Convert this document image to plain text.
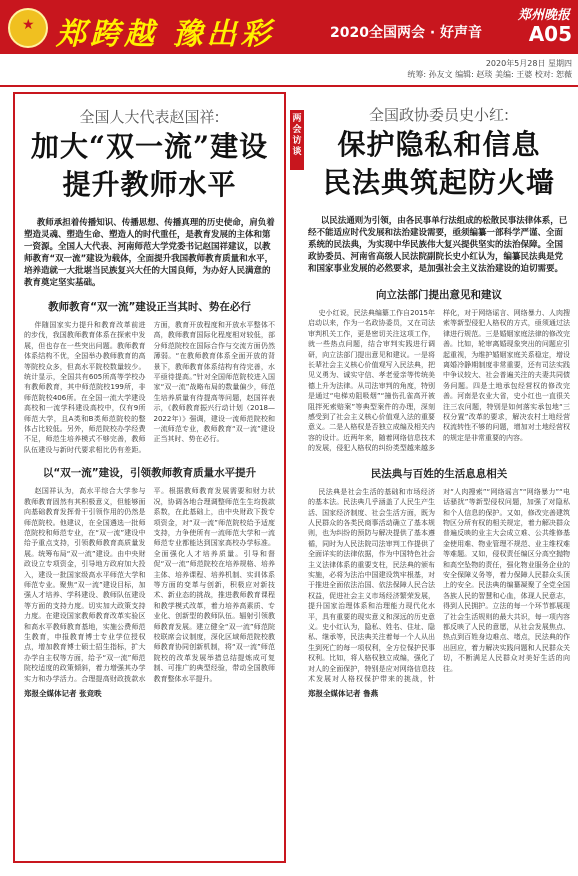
★ 郑跨越 豫出彩	2020全国两会 · 好声音
郑州晚报
A05
2020年5月28日 星期四
统筹: 孙友文 编辑: 赵琰 美编: 王婆 校对: 恕薇
全国人大代表赵国祥:
加大“双一流”建设
提升教师水平

教师承担着传播知识、传播思想、传播真理的历史使命，肩负着塑造灵魂、塑造生命、塑造人的时代重任，是教育发展的主体和第一资源。全国人大代表、河南师范大学党委书记赵国祥建议，以教师教育“双一流”建设为载体，全面提升我国教师教育质量和水平，培养造就一大批堪当民族复兴大任的大国良师，为办好人民满意的教育奠定坚实基础。

教师教育“双一流”建设正当其时、势在必行
伴随国家实力提升和教育改革前进的步伐，我国教师教育体系在探索中发展，但也存在一些突出问题。教师教育体系结构不优，全国举办教师教育的高等院校众多，但高水平院校数量较少。统计显示，全国共有605所高等学校办有教师教育，其中师范院校199所，非师范院校406所。在全国一流大学建设高校和一流学科建设高校中，仅有9所师范大学，且A类和B类师范院校的整体占比较低。另外，师范院校办学经费不足，师范生培养模式不够完善，教师队伍建设与新时代要求相比仍有差距。方面，教育开放程度和开放水平整体不高，教师教育国际化程度相对较低，部分师范院校在国际合作与交流方面仍然薄弱。“在教师教育体系全面开放的背景下，教师教育体系结构有待完善，水平亟待提高。”针对全国师范院校进入国家“双一流”战略布局的数量偏少，师范生培养质量有待提高等问题，赵国祥表示，《教师教育振兴行动计划（2018—2022年）》强调，建设一流师范院校和一流师范专业，教师教育“双一流”建设正当其时、势在必行。
以“双一流”建设，引领教师教育质量水平提升
赵国祥认为，高水平综合大学参与教师教育固然有其积极意义，但能够面向基础教育发挥骨干引领作用的仍然是师范院校。他建议，在全国遴选一批师范院校和师范专业，在“双一流”建设中给予重点支持，引领教师教育高质量发展。统筹布局“双一流”建设。由中央财政设立专项资金，引导地方政府加大投入，建设一批国家级高水平师范大学和师范专业。聚焦“双一流”建设目标，加强人才培养、学科建设、教师队伍建设等方面的支持力度。切实加大政策支持力度。在建设国家教师教育改革实验区和高水平教师教育基地，实施公费师范生教育，申报教育博士专业学位授权点，增加教育博士硕士招生指标，扩大办学自主权等方面，给予“双一流”师范院校适度的政策倾斜，着力增强其办学实力和办学活力。合理提高财政拨款水平。根据教师教育发展需要和财力状况，协调各地合理调整师范生生均拨款系数，在此基础上，由中央财政下拨专项资金，对“双一流”师范院校给予适度支持，力争使所有一流师范大学和一流师范专业都能达到国家高校办学标准。全面强化人才培养质量。引导和督促“双一流”师范院校在培养规格、培养主体、培养课程、培养机制、实训体系等方面的变革与创新，积极应对新技术、新业态的挑战，推进教师教育课程和教学模式改革，着力培养高素质、专业化、创新型的教师队伍。辐射引领教师教育发展。建立健全“双一流”师范院校联席会议制度，深化区域师范院校教师教育协同创新机制，将“双一流”师范院校的改革发展举措总结提炼成可复制、可推广的典型经验，带动全国教师教育整体水平提升。
郑报全媒体记者 张竞昳
两会访谈
全国政协委员史小红:
保护隐私和信息
民法典筑起防火墙

以民法通则为引领，由各民事单行法组成的松散民事法律体系，已经不能适应时代发展和法治建设需要，亟须编纂一部科学严谨、全面系统的民法典，为实现中华民族伟大复兴提供坚实的法治保障。全国政协委员、河南省高级人民法院副院长史小红认为，编纂民法典是党和国家事业发展的必然要求，是加强社会主义法治建设的迫切需要。

向立法部门提出意见和建议
史小红说，民法典编纂工作自2015年启动以来，作为一名政协委员，又在司法审判机关工作，更是密切关注这项工作，就一些热点问题，结合审判实践进行调研，向立法部门提出意见和建议。一是将长辈社会主义核心价值观写入民法典，把见义勇为、诚实守信、孝老爱亲等传统美德上升为法律。从司法审判的角度，特别是通过“电梯劝阻吸烟”“撞伤孔雀高开被阻拌死索赔案”等典型案件的办理，深刻感受到了社会主义核心价值观入法的重要意义。二是人格权是否独立成编及相关内容的设计。近两年来，随着网络信息技术的发展，侵犯人格权的纠纷类型越来越多样化，对于网络谣言、网络暴力、人肉搜索等新型侵犯人格权的方式，亟须通过法律进行规范。三是婚姻家庭法律的修改完善。比如，轮审离婚现象突出的问题应引起重视，为维护婚姻家庭关系稳定，增设离婚冷静期制度非常重要，还有司法实践中争议较大、社会普遍关注的夫妻共同债务问题。四是土地承包经营权的修改完善。河南是农业大省，史小红也一直很关注三农问题，特别是如何落实承包地“三权分置”改革的要求，解决农村土地经营权流转性不够的问题，增加对土地经营权的规定是非常重要的内容。
民法典与百姓的生活息息相关
民法典是社会生活的基础和市场经济的基本法。民法典几乎涵盖了人民生产生活、国家经济制度、社会生活方面，既为人民群众的各类民商事活动确立了基本规则，也为纠纷的预防与解决提供了基本遵循，同时为人民法院司法审判工作提供了全面详实的法律依据，作为中国特色社会主义法律体系的重要支柱，民法典的颁布实施，必将为法治中国建设筑牢根基，对于推进全面依法治国、依法保障人民合法权益，促进社会主义市场经济繁荣发展，提升国家治理体系和治理能力现代化水平，具有重要的现实意义和深远的历史意义。史小红认为，隐私、姓名、住址、隐私、继承等，民法典关注着每一个人从出生到死亡的每一项权利，全方位保护民事权利。比如，将人格权独立成编，强化了对人的全面保护，特别是应对网络信息技术发展对人格权保护带来的挑战，针对“人肉搜索”“网络谣言”“网络暴力”“电话骚扰”等新型侵权问题，加强了对隐私和个人信息的保护。又如，修改完善建筑物区分所有权的相关规定，着力解决群众普遍反映的业主大会成立难、公共维修基金使用难、物业管理不规范、业主维权难等难题。又如，侵权责任编区分高空抛物和高空坠物的责任，强化物业服务企业的安全保障义务等，着力保障人民群众头顶上的安全。民法典的编纂凝聚了全党全国各族人民的智慧和心血，体现人民意志，得到人民拥护。立法的每一个环节都展现了社会生活规则的最大共识，每一项内容都反映了人民的意愿，从社会发展焦点、热点到百姓身边难点、堵点，民法典的作出回应，着力解决实践问题和人民群众关切，不断满足人民群众对美好生活的向往。
郑报全媒体记者 鲁燕
